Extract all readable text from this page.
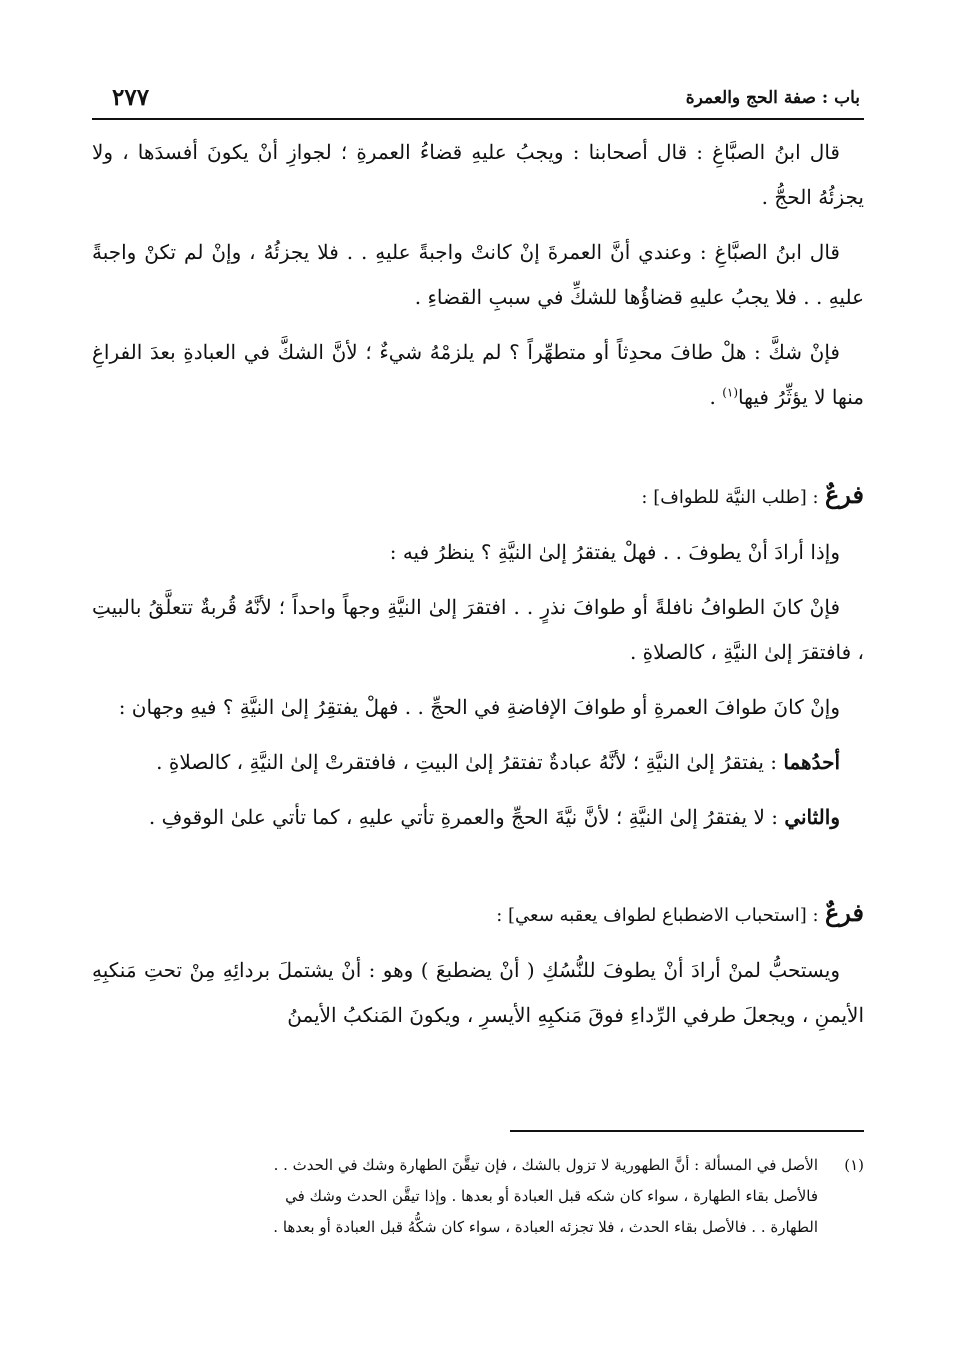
باب : صفة الحج والعمرة
٢٧٧

قال ابنُ الصبَّاغِ : قال أصحابنا : ويجبُ عليهِ قضاءُ العمرةِ ؛ لجوازِ أنْ يكونَ أفسدَها ، ولا يجزئُهُ الحجُّ .

قال ابنُ الصبَّاغِ : وعندي أنَّ العمرةَ إنْ كانتْ واجبةً عليهِ . . فلا يجزئُهُ ، وإنْ لم تكنْ واجبةً عليهِ . . فلا يجبُ عليهِ قضاؤُها للشكِّ في سببِ القضاءِ .

فإنْ شكَّ : هلْ طافَ محدِثاً أو متطهِّراً ؟ لم يلزمْهُ شيءٌ ؛ لأنَّ الشكَّ في العبادةِ بعدَ الفراغِ منها لا يؤثِّرُ فيها$^{(١)}$ .

فرعٌ : [طلب النيَّة للطواف] :

وإذا أرادَ أنْ يطوفَ . . فهلْ يفتقرُ إلىٰ النيَّةِ ؟ ينظرُ فيه :

فإنْ كانَ الطوافُ نافلةً أو طوافَ نذرٍ . . افتقرَ إلىٰ النيَّةِ وجهاً واحداً ؛ لأنَّهُ قُربةٌ تتعلَّقُ بالبيتِ ، فافتقرَ إلىٰ النيَّةِ ، كالصلاةِ .

وإنْ كانَ طوافَ العمرةِ أو طوافَ الإفاضةِ في الحجِّ . . فهلْ يفتقِرُ إلىٰ النيَّةِ ؟ فيهِ وجهان :

أحدُهما : يفتقرُ إلىٰ النيَّةِ ؛ لأنَّهُ عبادةٌ تفتقرُ إلىٰ البيتِ ، فافتقرتْ إلىٰ النيَّةِ ، كالصلاةِ .

والثاني : لا يفتقرُ إلىٰ النيَّةِ ؛ لأنَّ نيَّةَ الحجِّ والعمرةِ تأتي عليهِ ، كما تأتي علىٰ الوقوفِ .

فرعٌ : [استحباب الاضطباع لطواف يعقبه سعي] :

ويستحبُّ لمنْ أرادَ أنْ يطوفَ للنُّسُكِ ( أنْ يضطبعَ ) وهو : أنْ يشتملَ بردائِهِ مِنْ تحتِ مَنكبِهِ الأيمنِ ، ويجعلَ طرفي الرِّداءِ فوقَ مَنكبِهِ الأيسرِ ، ويكونَ المَنكبُ الأيمنُ

(١)
الأصل في المسألة : أنَّ الطهورية لا تزول بالشك ، فإن تيقَّنَ الطهارة وشك في الحدث . .
فالأصل بقاء الطهارة ، سواء كان شكه قبل العبادة أو بعدها . وإذا تيقَّن الحدث وشك في
الطهارة . . فالأصل بقاء الحدث ، فلا تجزئه العبادة ، سواء كان شكُّهُ قبل العبادة أو بعدها .
